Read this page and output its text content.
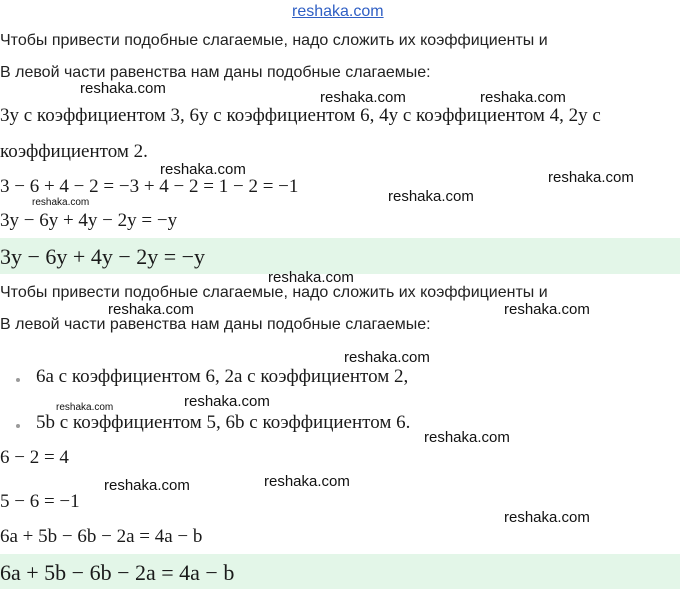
reshaka.com
Чтобы привести подобные слагаемые, надо сложить их коэффициенты и
В левой части равенства нам даны подобные слагаемые:
3y с коэффициентом 3, 6y с коэффициентом 6, 4y с коэффициентом 4, 2y с
коэффициентом 2.
3 − 6 + 4 − 2 = −3 + 4 − 2 = 1 − 2 = −1
3y − 6y + 4y − 2y = −y
3y − 6y + 4y − 2y = −y
Чтобы привести подобные слагаемые, надо сложить их коэффициенты и
В левой части равенства нам даны подобные слагаемые:
6a с коэффициентом 6, 2a с коэффициентом 2,
5b с коэффициентом 5, 6b с коэффициентом 6.
6 − 2 = 4
5 − 6 = −1
6a + 5b − 6b − 2a = 4a − b
6a + 5b − 6b − 2a = 4a − b
reshaka.com
reshaka.com	reshaka.com
reshaka.com	reshaka.com
reshaka.com
reshaka.com
reshaka.com
reshaka.com	reshaka.com
reshaka.com
reshaka.com
reshaka.com
reshaka.com
reshaka.com	reshaka.com
reshaka.com
